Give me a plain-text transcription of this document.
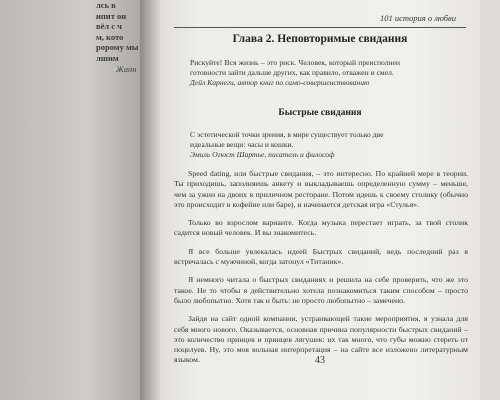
лсь в
ипит он
вёл с ч
м, кото
ророму мы
лшим
Жанн
101 история о любви
Глава 2. Неповторимые свидания
Быстрые свидания
43
Рискуйте! Вся жизнь – это риск. Человек, который преисполнен готовности зайти дальше других, как правило, отважен и смел.
Дейл Карнеги, автор книг по само-совершенствованию
С эстетической точки зрения, в мире существует только две идеальные вещи: часы и кошки.
Эмиль Огюст Шартье, писатель и философ

Speed dating, или быстрые свидания, – это интересно. По крайней мере в теории. Ты приходишь, заполняешь анкету и выкладываешь определенную сумму – меньше, чем за ужин на двоих в приличном ресторане. Потом идешь к своему столику (обычно это происходит в кофейне или баре), и начинается детская игра «Стулья».

Только во взрослом варианте. Когда музыка перестает играть, за твой столик садится новый человек. И вы знакомитесь.

Я все больше увлекалась идеей Быстрых свиданий, ведь последний раз я встречалась с мужчиной, когда затонул «Титаник».

Я немного читала о быстрых свиданиях и решила на себе проверить, что же это такое. Не то чтобы я действительно хотела познакомиться таким способом – просто было любопытно. Хотя так и быть: не просто любопытно – замечено.

Зайдя на сайт одной компании, устраивающей такие мероприятия, я узнала для себя много нового. Оказывается, основная причина популярности быстрых свиданий – это количество принцев и принцев лягушек: их так много, что губы можно стереть от поцелуев. Ну, это моя вольная интерпретация – на сайте все изложено литературным языком.
